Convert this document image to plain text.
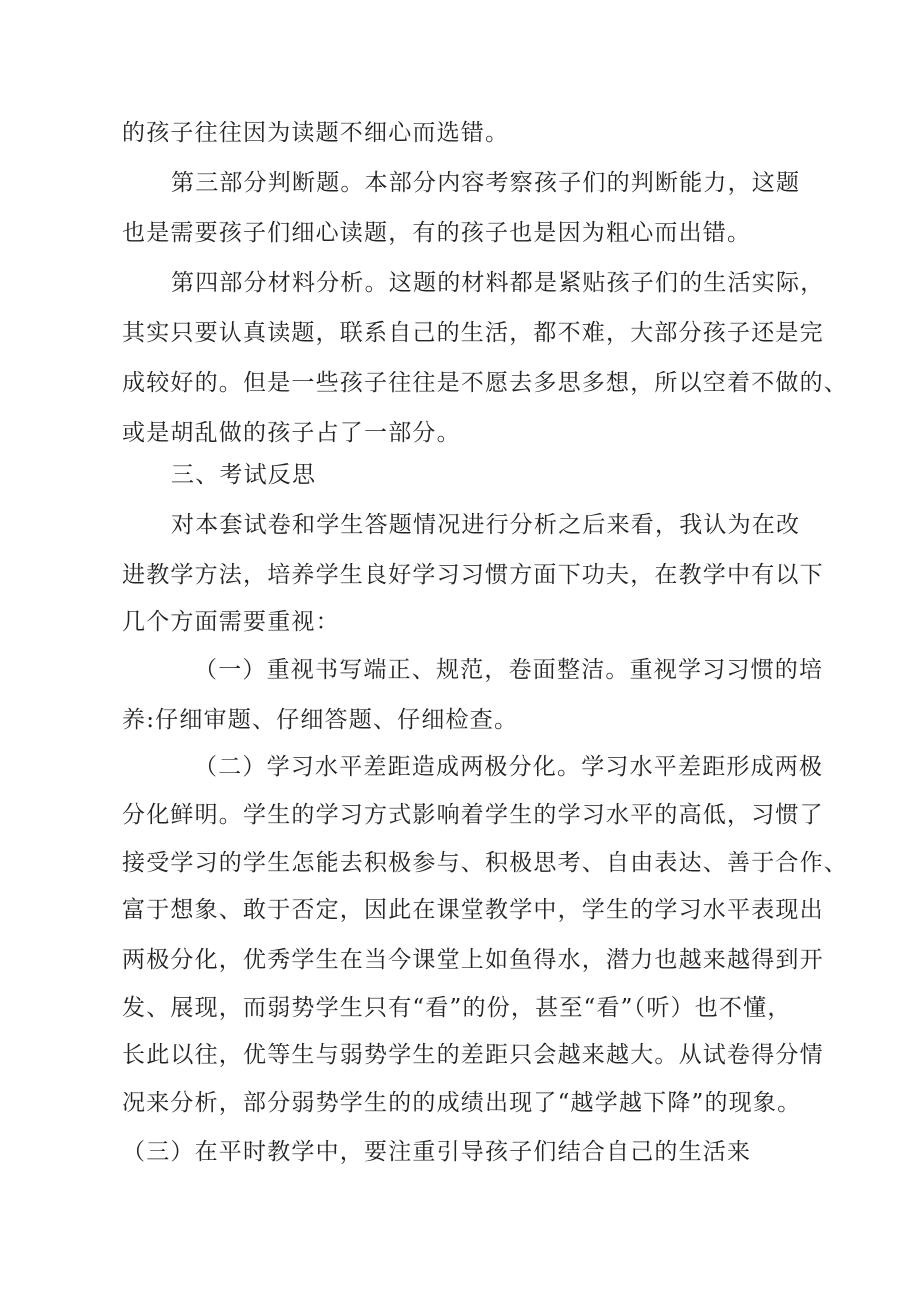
的孩子往往因为读题不细心而选错。
第三部分判断题。本部分内容考察孩子们的判断能力，这题
也是需要孩子们细心读题，有的孩子也是因为粗心而出错。
第四部分材料分析。这题的材料都是紧贴孩子们的生活实际，
其实只要认真读题，联系自己的生活，都不难，大部分孩子还是完
成较好的。但是一些孩子往往是不愿去多思多想，所以空着不做的、
或是胡乱做的孩子占了一部分。
三、考试反思
对本套试卷和学生答题情况进行分析之后来看，我认为在改
进教学方法，培养学生良好学习习惯方面下功夫，在教学中有以下
几个方面需要重视：
（一）重视书写端正、规范，卷面整洁。重视学习习惯的培
养:仔细审题、仔细答题、仔细检查。
（二）学习水平差距造成两极分化。学习水平差距形成两极
分化鲜明。学生的学习方式影响着学生的学习水平的高低，习惯了
接受学习的学生怎能去积极参与、积极思考、自由表达、善于合作、
富于想象、敢于否定，因此在课堂教学中，学生的学习水平表现出
两极分化，优秀学生在当今课堂上如鱼得水，潜力也越来越得到开
发、展现，而弱势学生只有“看”的份，甚至“看”（听）也不懂，
长此以往，优等生与弱势学生的差距只会越来越大。从试卷得分情
况来分析，部分弱势学生的的成绩出现了“越学越下降”的现象。
（三）在平时教学中，要注重引导孩子们结合自己的生活来
